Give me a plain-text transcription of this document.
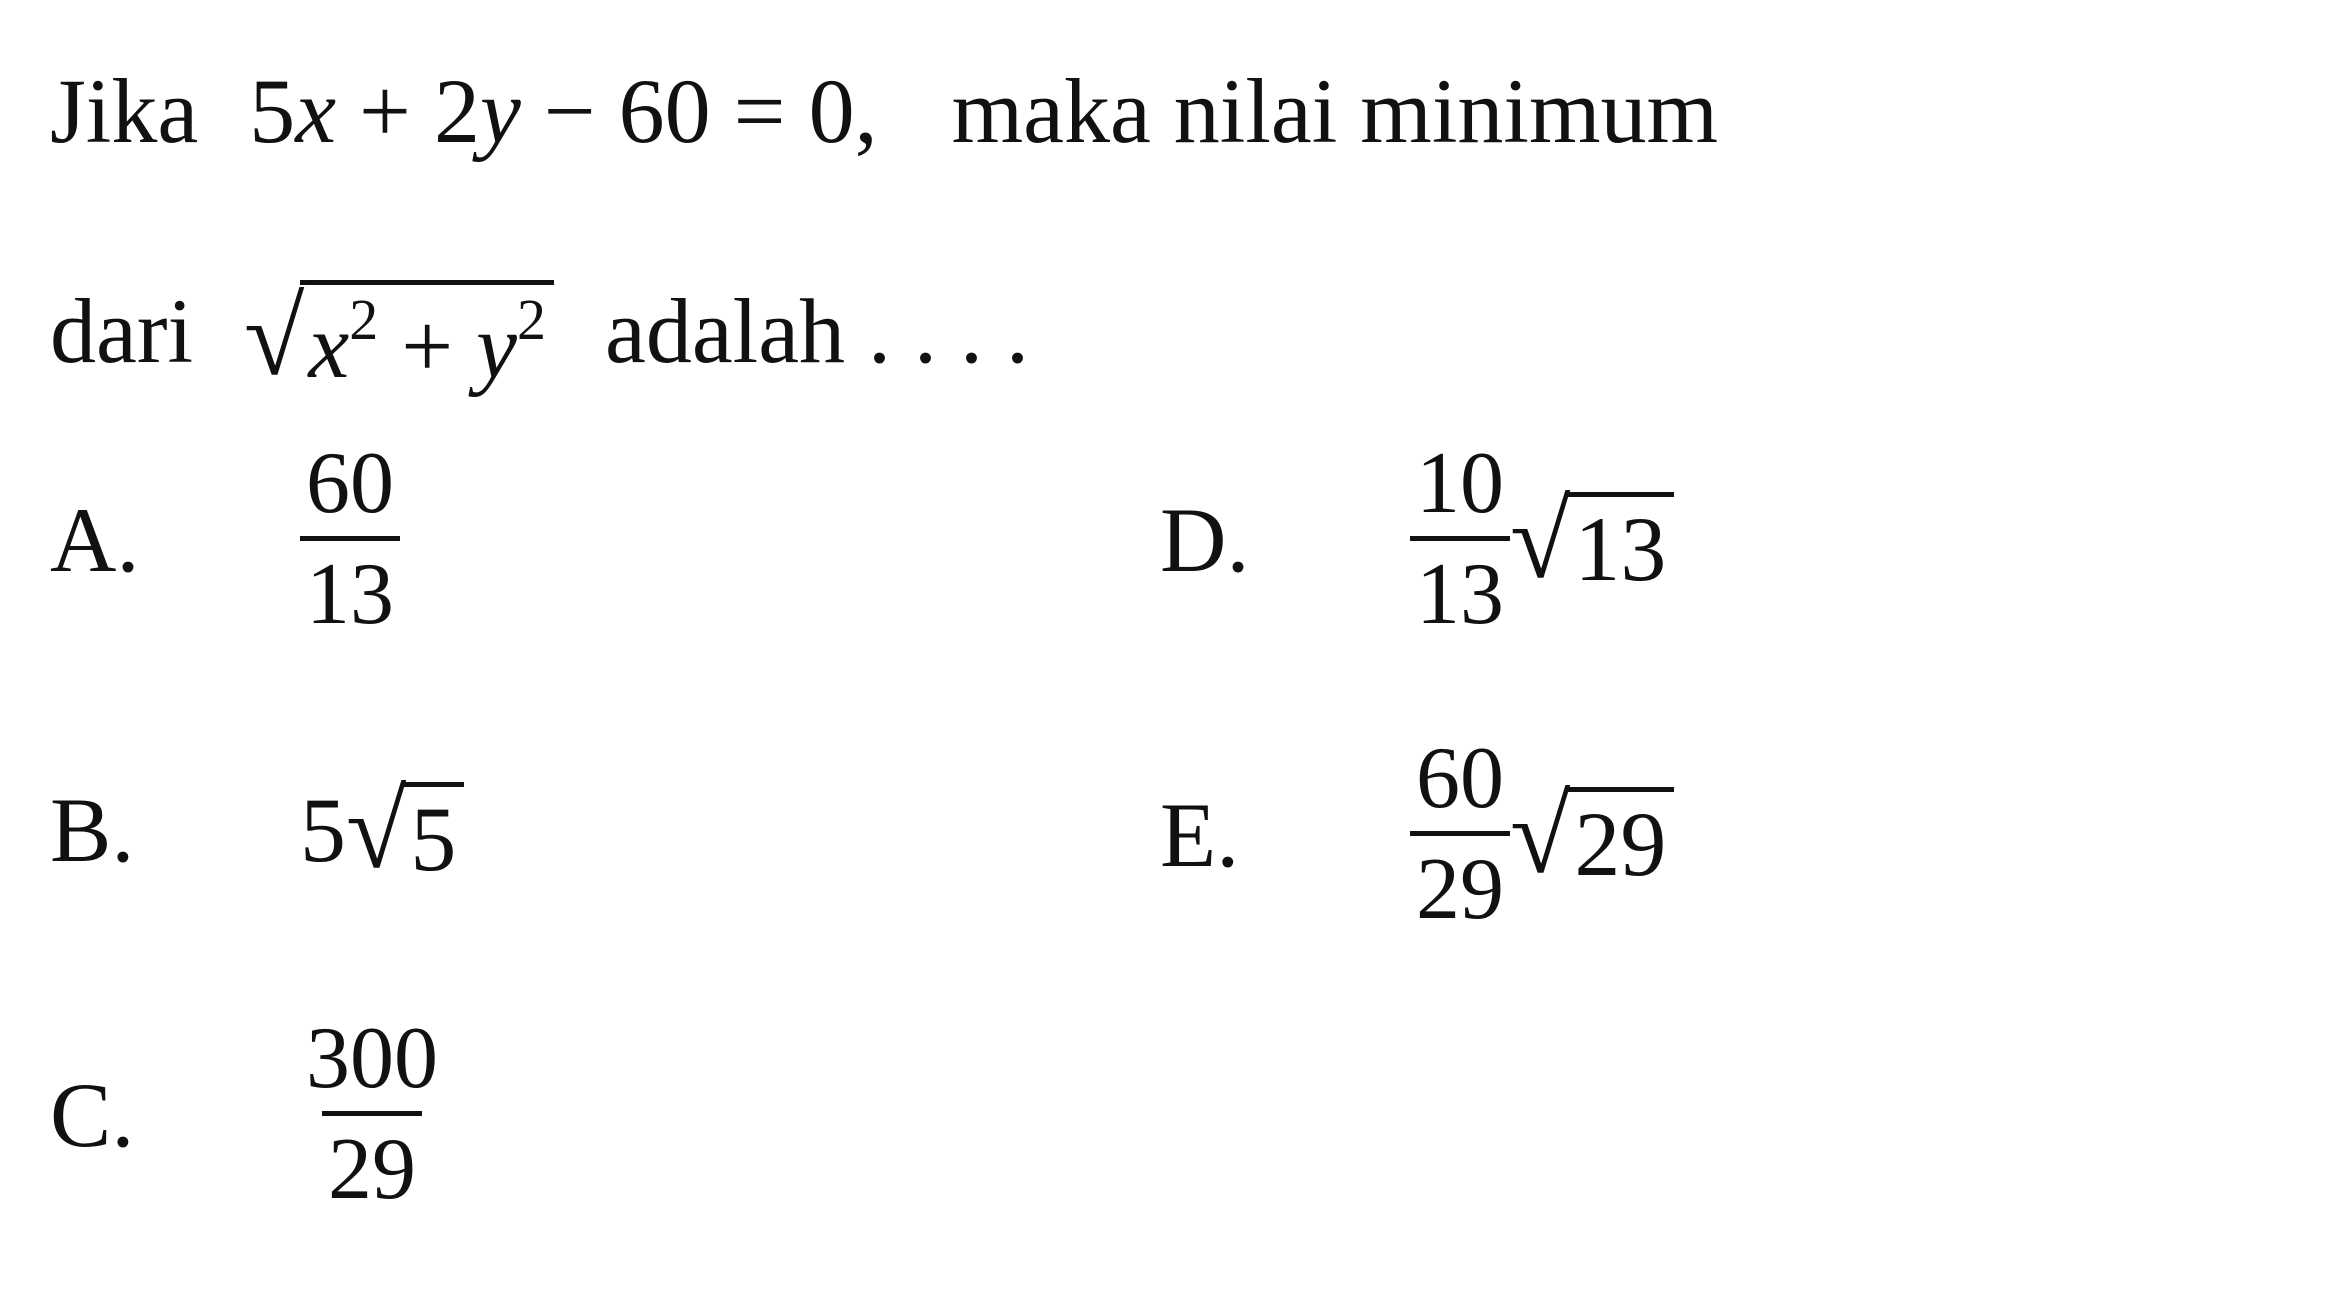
Jika 5x + 2y − 60 = 0, maka nilai minimum
dari √ $x^2 + y^2$ adalah . . . .
A.	$\frac{60}{13}$
B.	5 √ 5
C.	$\frac{300}{29}$
D.	$\frac{10}{13}$ √ 13
E.	$\frac{60}{29}$ √ 29
